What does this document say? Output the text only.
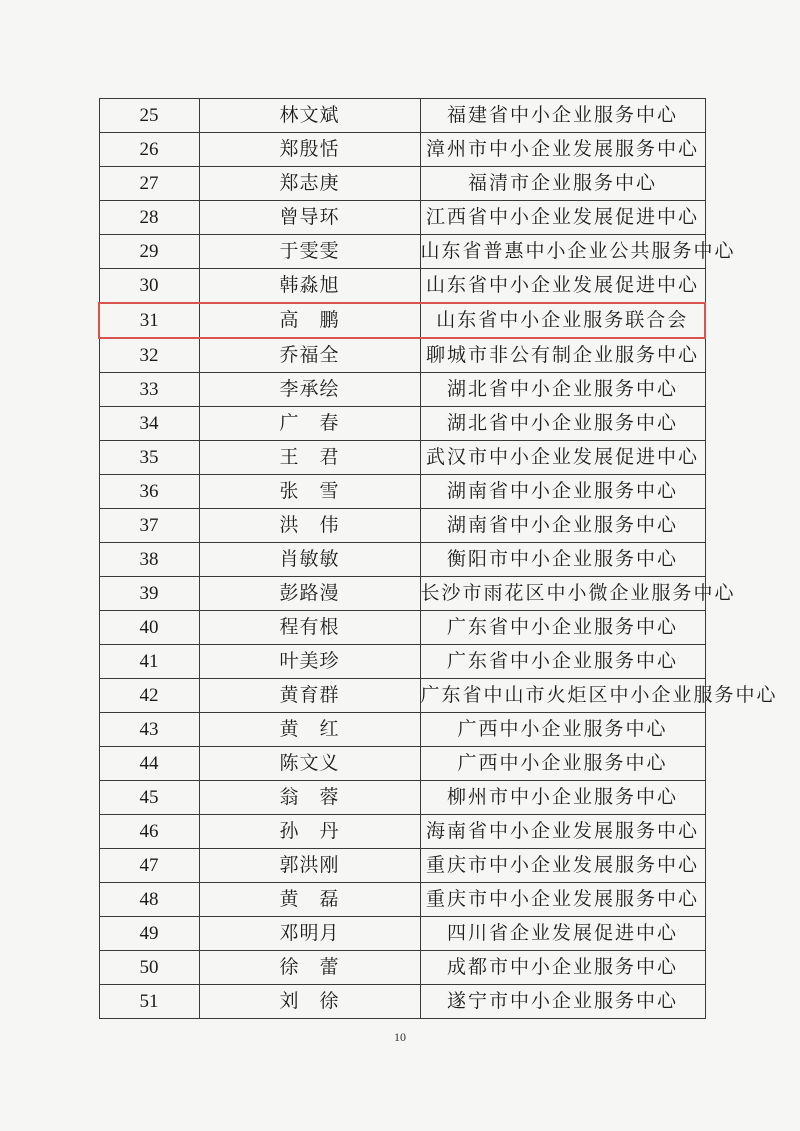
25	林文斌	福建省中小企业服务中心
26	郑殷恬	漳州市中小企业发展服务中心
27	郑志庚	福清市企业服务中心
28	曾导环	江西省中小企业发展促进中心
29	于雯雯	山东省普惠中小企业公共服务中心
30	韩淼旭	山东省中小企业发展促进中心
31	高　鹏	山东省中小企业服务联合会
32	乔福全	聊城市非公有制企业服务中心
33	李承绘	湖北省中小企业服务中心
34	广　春	湖北省中小企业服务中心
35	王　君	武汉市中小企业发展促进中心
36	张　雪	湖南省中小企业服务中心
37	洪　伟	湖南省中小企业服务中心
38	肖敏敏	衡阳市中小企业服务中心
39	彭路漫	长沙市雨花区中小微企业服务中心
40	程有根	广东省中小企业服务中心
41	叶美珍	广东省中小企业服务中心
42	黄育群	广东省中山市火炬区中小企业服务中心
43	黄　红	广西中小企业服务中心
44	陈文义	广西中小企业服务中心
45	翁　蓉	柳州市中小企业服务中心
46	孙　丹	海南省中小企业发展服务中心
47	郭洪刚	重庆市中小企业发展服务中心
48	黄　磊	重庆市中小企业发展服务中心
49	邓明月	四川省企业发展促进中心
50	徐　蕾	成都市中小企业服务中心
51	刘　徐	遂宁市中小企业服务中心
10
